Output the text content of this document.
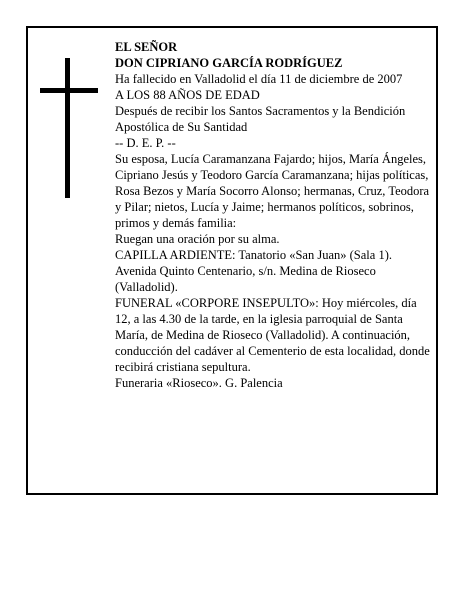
EL SEÑOR

DON CIPRIANO GARCÍA RODRÍGUEZ

Ha fallecido en Valladolid el día 11 de diciembre de 2007

A LOS 88 AÑOS DE EDAD

Después de recibir los Santos Sacramentos y la Bendición Apostólica de Su Santidad

-- D. E. P. --

Su esposa, Lucía Caramanzana Fajardo; hijos, María Ángeles, Cipriano Jesús y Teodoro García Caramanzana; hijas políticas, Rosa Bezos y María Socorro Alonso; hermanas, Cruz, Teodora y Pilar; nietos, Lucía y Jaime; hermanos políticos, sobrinos, primos y demás familia:

Ruegan una oración por su alma.

CAPILLA ARDIENTE: Tanatorio «San Juan» (Sala 1). Avenida Quinto Centenario, s/n. Medina de Rioseco (Valladolid).

FUNERAL «CORPORE INSEPULTO»: Hoy miércoles, día 12, a las 4.30 de la tarde, en la iglesia parroquial de Santa María, de Medina de Rioseco (Valladolid). A continuación, conducción del cadáver al Cementerio de esta localidad, donde recibirá cristiana sepultura.

Funeraria «Rioseco». G. Palencia
